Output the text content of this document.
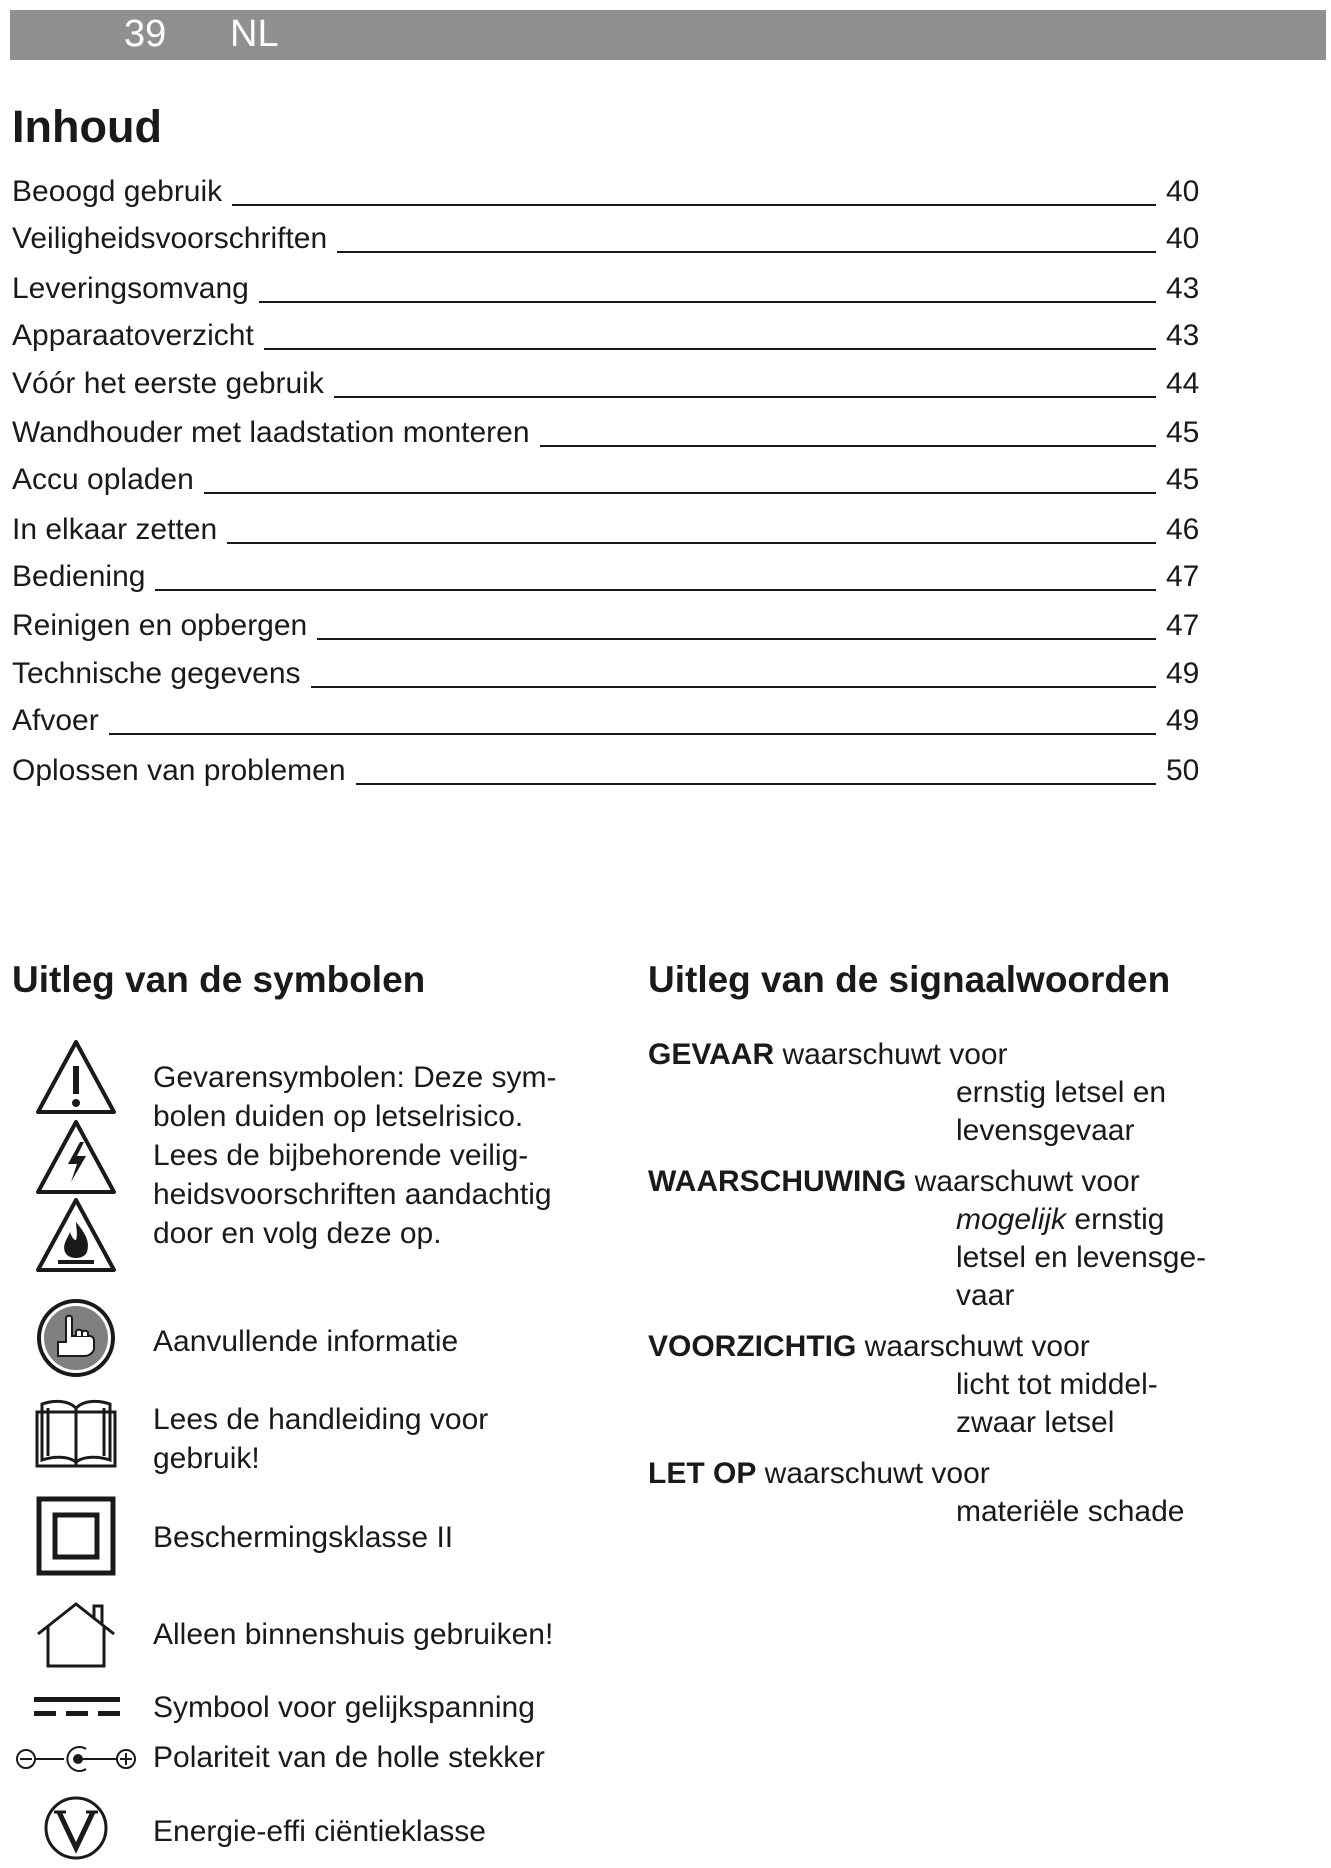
39 NL
Inhoud
Beoogd gebruik	40
Veiligheidsvoorschriften	40
Leveringsomvang	43
Apparaatoverzicht	43
Vóór het eerste gebruik	44
Wandhouder met laadstation monteren	45
Accu opladen	45
In elkaar zetten	46
Bediening	47
Reinigen en opbergen	47
Technische gegevens	49
Afvoer	49
Oplossen van problemen	50
Uitleg van de symbolen	Uitleg van de signaalwoorden
Gevarensymbolen: Deze sym-
bolen duiden op letselrisico.
Lees de bijbehorende veilig-
heidsvoorschriften aandachtig
door en volg deze op.
Aanvullende informatie
Lees de handleiding voor
gebruik!
Beschermingsklasse II
Alleen binnenshuis gebruiken!
Symbool voor gelijkspanning
Polariteit van de holle stekker
Energie-effi ciëntieklasse
GEVAAR waarschuwt voor
ernstig letsel en
levensgevaar
WAARSCHUWING waarschuwt voor
mogelijk ernstig
letsel en levensge-
vaar
VOORZICHTIG waarschuwt voor
licht tot middel-
zwaar letsel
LET OP waarschuwt voor
materiële schade
